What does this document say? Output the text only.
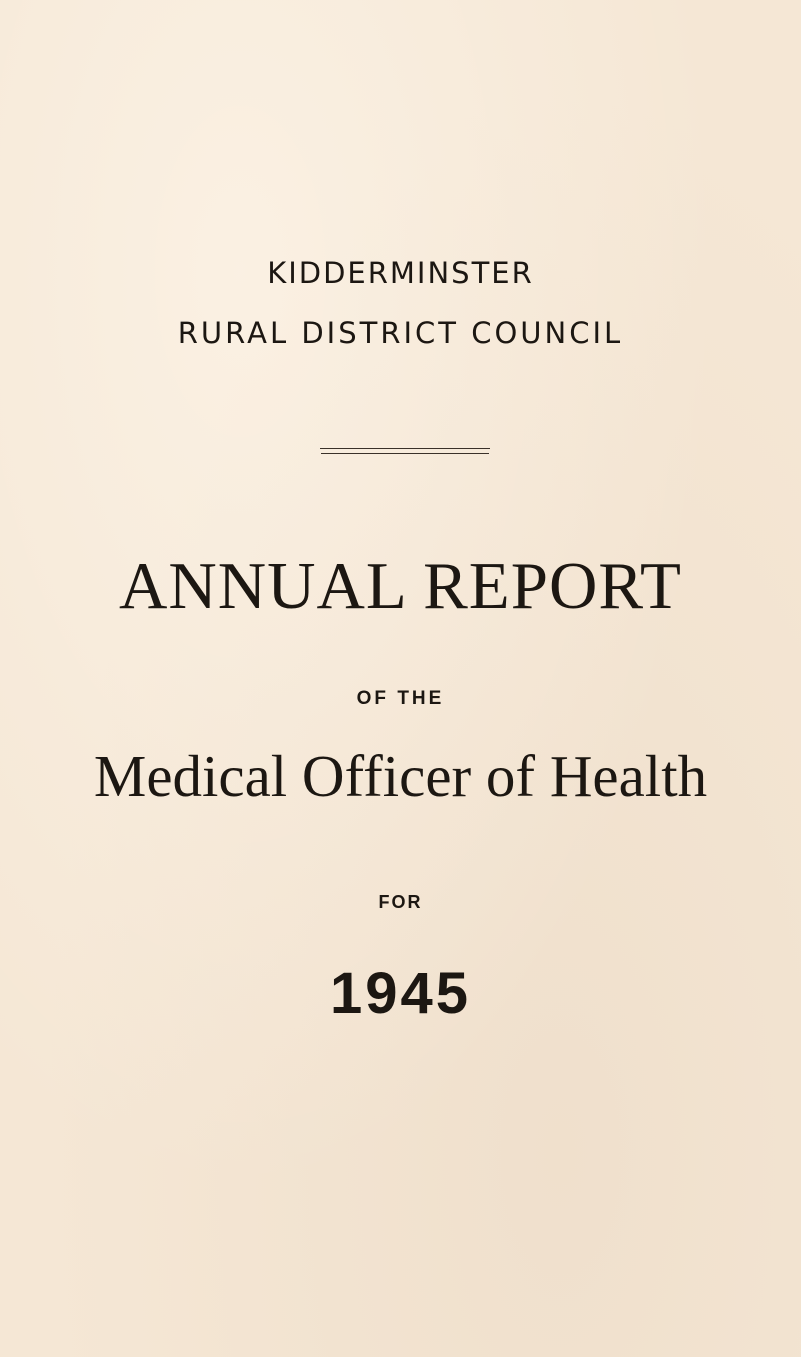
KIDDERMINSTER
RURAL DISTRICT COUNCIL
ANNUAL REPORT
OF THE
Medical Officer of Health
FOR
1945
